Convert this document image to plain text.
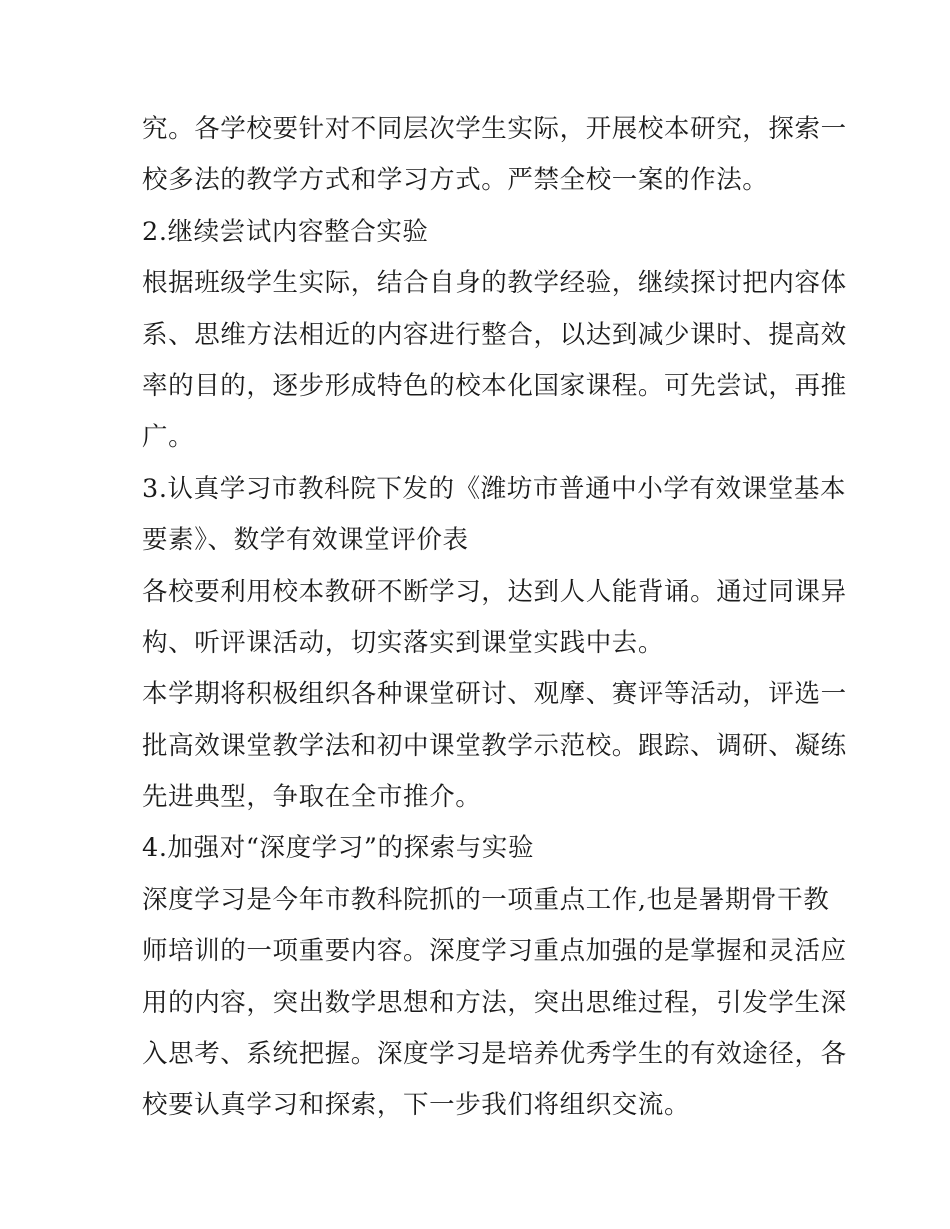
究。各学校要针对不同层次学生实际，开展校本研究，探索一
校多法的教学方式和学习方式。严禁全校一案的作法。
2.继续尝试内容整合实验
根据班级学生实际，结合自身的教学经验，继续探讨把内容体
系、思维方法相近的内容进行整合，以达到减少课时、提高效
率的目的，逐步形成特色的校本化国家课程。可先尝试，再推
广。
3.认真学习市教科院下发的《潍坊市普通中小学有效课堂基本
要素》、数学有效课堂评价表
各校要利用校本教研不断学习，达到人人能背诵。通过同课异
构、听评课活动，切实落实到课堂实践中去。
本学期将积极组织各种课堂研讨、观摩、赛评等活动，评选一
批高效课堂教学法和初中课堂教学示范校。跟踪、调研、凝练
先进典型，争取在全市推介。
4.加强对“深度学习”的探索与实验
深度学习是今年市教科院抓的一项重点工作,也是暑期骨干教
师培训的一项重要内容。深度学习重点加强的是掌握和灵活应
用的内容，突出数学思想和方法，突出思维过程，引发学生深
入思考、系统把握。深度学习是培养优秀学生的有效途径，各
校要认真学习和探索，下一步我们将组织交流。
